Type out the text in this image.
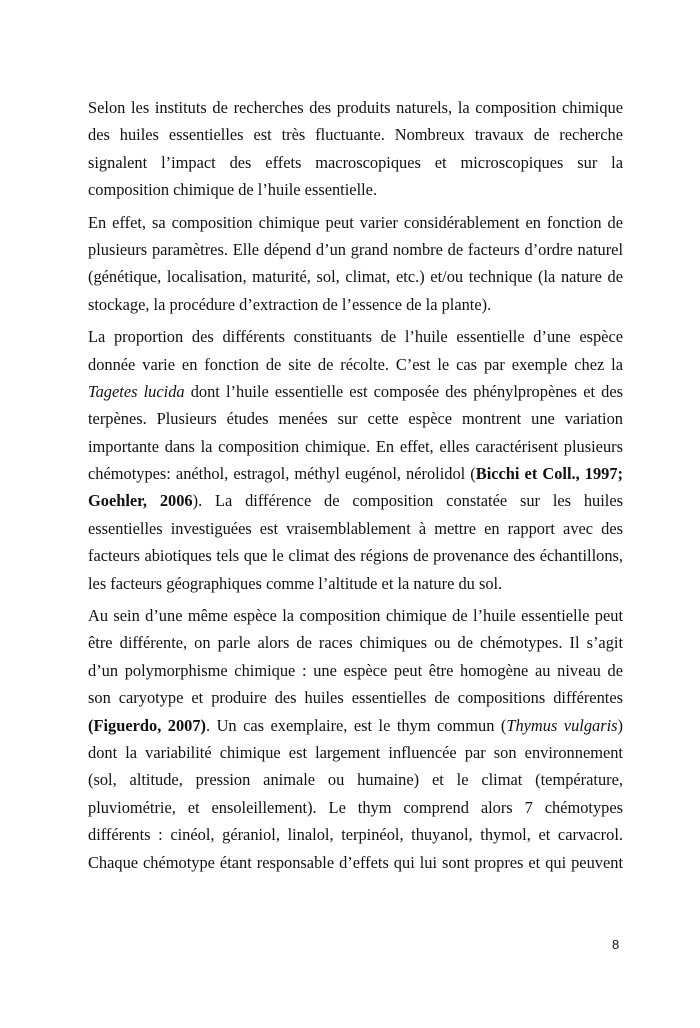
Selon les instituts de recherches des produits naturels, la composition chimique
des huiles essentielles est très fluctuante. Nombreux travaux de recherche
signalent l’impact des effets macroscopiques et microscopiques sur la
composition chimique de l’huile essentielle.
En effet, sa composition chimique peut varier considérablement en fonction de
plusieurs paramètres. Elle dépend d’un grand nombre de facteurs d’ordre naturel
(génétique, localisation, maturité, sol, climat, etc.) et/ou technique (la nature de
stockage, la procédure d’extraction de l’essence de la plante).
La proportion des différents constituants de l’huile essentielle d’une espèce
donnée varie en fonction de site de récolte. C’est le cas par exemple chez la
Tagetes lucida dont l’huile essentielle est composée des phénylpropènes et des
terpènes. Plusieurs études menées sur cette espèce montrent une variation
importante dans la composition chimique. En effet, elles caractérisent plusieurs
chémotypes: anéthol, estragol, méthyl eugénol, nérolidol (Bicchi et Coll., 1997;
Goehler, 2006). La différence de composition constatée sur les huiles
essentielles investiguées est vraisemblablement à mettre en rapport avec des
facteurs abiotiques tels que le climat des régions de provenance des échantillons,
les facteurs géographiques comme l’altitude et la nature du sol.
Au sein d’une même espèce la composition chimique de l’huile essentielle peut
être différente, on parle alors de races chimiques ou de chémotypes. Il s’agit
d’un polymorphisme chimique : une espèce peut être homogène au niveau de
son caryotype et produire des huiles essentielles de compositions différentes
(Figuerdo, 2007). Un cas exemplaire, est le thym commun (Thymus vulgaris)
dont la variabilité chimique est largement influencée par son environnement
(sol, altitude, pression animale ou humaine) et le climat (température,
pluviométrie, et ensoleillement). Le thym comprend alors 7 chémotypes
différents : cinéol, géraniol, linalol, terpinéol, thuyanol, thymol, et carvacrol.
Chaque chémotype étant responsable d’effets qui lui sont propres et qui peuvent
8
